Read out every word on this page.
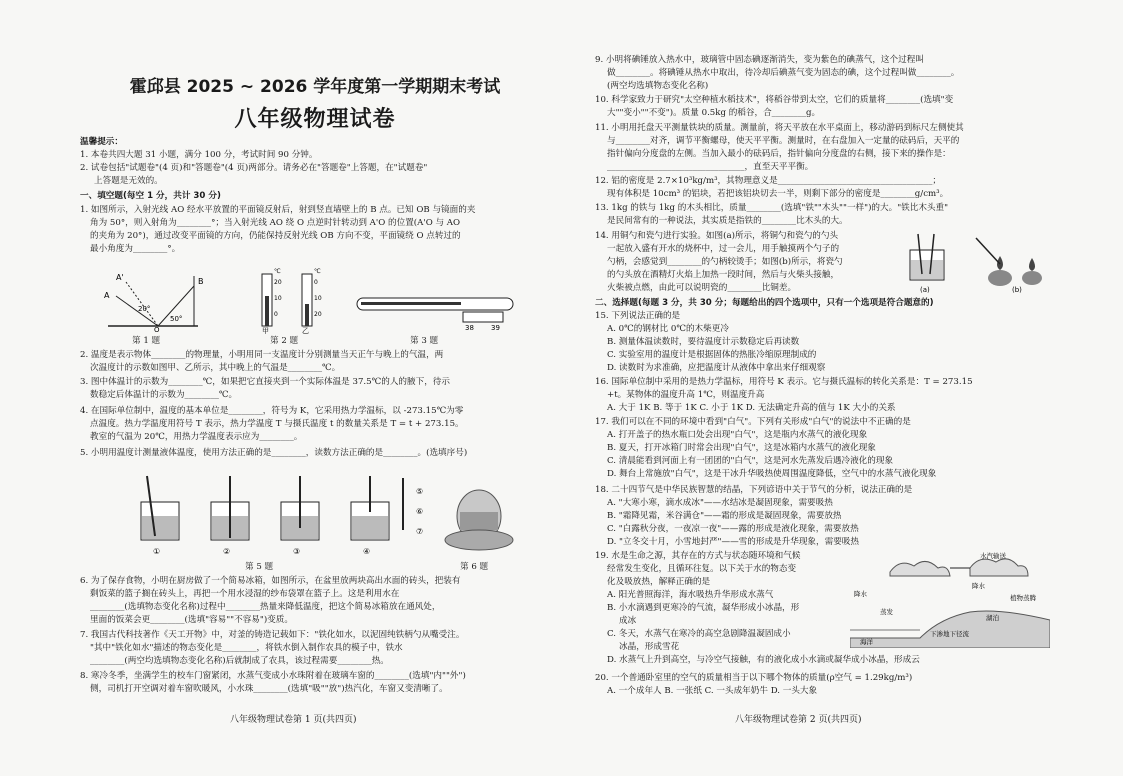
霍邱县 2025 ~ 2026 学年度第一学期期末考试
八年级物理试卷
温馨提示：
1. 本卷共四大题 31 小题，满分 100 分，考试时间 90 分钟。
2. 试卷包括"试题卷"(4 页)和"答题卷"(4 页)两部分。请务必在"答题卷"上答题，在"试题卷"
上答题是无效的。
一、填空题(每空 1 分，共计 30 分)
1. 如图所示，入射光线 AO 经水平放置的平面镜反射后，射到竖直墙壁上的 B 点。已知 OB 与镜面的夹
角为 50°，则入射角为________°；当入射光线 AO 绕 O 点逆时针转动到 A'O 的位置(A'O 与 AO
的夹角为 20°)，通过改变平面镜的方向，仍能保持反射光线 OB 方向不变，平面镜绕 O 点转过的
最小角度为________°。
B
A'
A
20°
50°
O
℃	℃
20
10
0
0
10
20
甲	乙	38 39
第 1 题	第 2 题	第 3 题
2. 温度是表示物体________的物理量，小明用同一支温度计分别测量当天正午与晚上的气温，两
次温度计的示数如图甲、乙所示，其中晚上的气温是________℃。
3. 图中体温计的示数为________℃，如果把它直接夹到一个实际体温是 37.5℃的人的腋下，待示
数稳定后体温计的示数为________℃。
4. 在国际单位制中，温度的基本单位是________，符号为 K，它采用热力学温标，以 -273.15℃为零
点温度。热力学温度用符号 T 表示，热力学温度 T 与摄氏温度 t 的数量关系是 T = t + 273.15。
教室的气温为 20℃，用热力学温度表示应为________。
5. 小明用温度计测量液体温度，使用方法正确的是________，读数方法正确的是________。(选填序号)
①	②	③	④
⑤
⑥
⑦
第 5 题	第 6 题
6. 为了保存食物，小明在厨房做了一个简易冰箱，如图所示，在盆里放两块高出水面的砖头，把装有
剩饭菜的篮子搁在砖头上，再把一个用水浸湿的纱布袋罩在篮子上。这是利用水在
________(选填物态变化名称)过程中________热量来降低温度，把这个简易冰箱放在通风处，
里面的饭菜会更________(选填"容易""不容易")变质。
7. 我国古代科技著作《天工开物》中，对釜的铸造记载如下："铁化如水，以泥固纯铁柄勺从嘴受注。
"其中"铁化如水"描述的物态变化是________，将铁水倒入制作农具的模子中，铁水
________(两空均选填物态变化名称)后就制成了农具，该过程需要________热。
8. 寒冷冬季，坐满学生的校车门窗紧闭，水蒸气变成小水珠附着在玻璃车窗的________(选填"内""外")
侧，司机打开空调对着车窗吹暖风，小水珠________(选填"吸""放")热汽化，车窗又变清晰了。
八年级物理试卷第 1 页(共四页)
9. 小明将碘锤放入热水中，玻璃管中固态碘逐渐消失，变为紫色的碘蒸气，这个过程叫
做________。将碘锤从热水中取出，待冷却后碘蒸气变为固态的碘，这个过程叫做________。
(两空均选填物态变化名称)
10. 科学家致力于研究"太空种植水稻技术"，将稻谷带到太空，它们的质量将________(选填"变
大""变小""不变")。质量 0.5kg 的稻谷，合________g。
11. 小明用托盘天平测量铁块的质量。测量前，将天平放在水平桌面上，移动游码到标尺左侧使其
与________对齐，调节平衡螺母，使天平平衡。测量时，在右盘加入一定量的砝码后，天平的
指针偏向分度盘的左侧。当加入最小的砝码后，指针偏向分度盘的右侧，接下来的操作是：
________________________________，直至天平平衡。
12. 铝的密度是 2.7×10³kg/m³，其物理意义是____________________________________；
现有体积是 10cm³ 的铝块，若把该铝块切去一半，则剩下部分的密度是________g/cm³。
13. 1kg 的铁与 1kg 的木头相比，质量________(选填"铁""木头""一样")的大。"铁比木头重"
是民间常有的一种说法，其实质是指铁的________比木头的大。
14. 用铜勺和瓷勺进行实验。如图(a)所示，将铜勺和瓷勺的勺头
一起放入盛有开水的烧杯中，过一会儿，用手触摸两个勺子的
勺柄，会感觉到________的勺柄较烫手；如图(b)所示，将瓷勺
的勺头放在酒精灯火焰上加热一段时间，然后与火柴头接触，
火柴被点燃，由此可以说明瓷的________比铜差。	(a)	(b)
二、选择题(每题 3 分，共 30 分；每题给出的四个选项中，只有一个选项是符合题意的)
15. 下列说法正确的是
A. 0℃的钢材比 0℃的木柴更冷
B. 测量体温读数时，要待温度计示数稳定后再读数
C. 实验室用的温度计是根据固体的热胀冷缩原理制成的
D. 读数时为求准确，应把温度计从液体中拿出来仔细观察
16. 国际单位制中采用的是热力学温标，用符号 K 表示。它与摄氏温标的转化关系是：T = 273.15
+t。某物体的温度升高 1℃，则温度升高
A. 大于 1K B. 等于 1K C. 小于 1K D. 无法确定升高的值与 1K 大小的关系
17. 我们可以在不同的环境中看到"白气"。下列有关形成"白气"的说法中不正确的是
A. 打开盖子的热水瓶口处会出现"白气"，这是瓶内水蒸气的液化现象
B. 夏天，打开冰箱门时常会出现"白气"，这是冰箱内水蒸气的液化现象
C. 清晨能看到河面上有一团团的"白气"，这是河水先蒸发后遇冷液化的现象
D. 舞台上常施放"白气"，这是干冰升华吸热使周围温度降低，空气中的水蒸气液化现象
18. 二十四节气是中华民族智慧的结晶，下列谚语中关于节气的分析，说法正确的是
A. "大寒小寒，滴水成冰"——水结冰是凝固现象，需要吸热
B. "霜降见霜，米谷满仓"——霜的形成是凝固现象，需要放热
C. "白露秋分夜，一夜凉一夜"——露的形成是液化现象，需要放热
D. "立冬交十月，小雪地封严"——雪的形成是升华现象，需要吸热
19. 水是生命之源，其存在的方式与状态随环境和气候
经常发生变化，且循环往复。以下关于水的物态变
化及吸放热，解释正确的是
A. 阳光普照海洋，海水吸热升华形成水蒸气
B. 小水滴遇到更寒冷的气流，凝华形成小冰晶，形
成冰
C. 冬天，水蒸气在寒冷的高空急剧降温凝固成小
冰晶，形成雪花
D. 水蒸气上升到高空，与冷空气接触，有的液化成小水滴或凝华成小冰晶，形成云
水汽输送
降水
降水
蒸发
植物蒸腾
湖泊
海洋
下渗地下径流
20. 一个普通卧室里的空气的质量相当于以下哪个物体的质量(ρ空气 = 1.29kg/m³)
A. 一个成年人 B. 一张纸 C. 一头成年奶牛 D. 一头大象
八年级物理试卷第 2 页(共四页)
